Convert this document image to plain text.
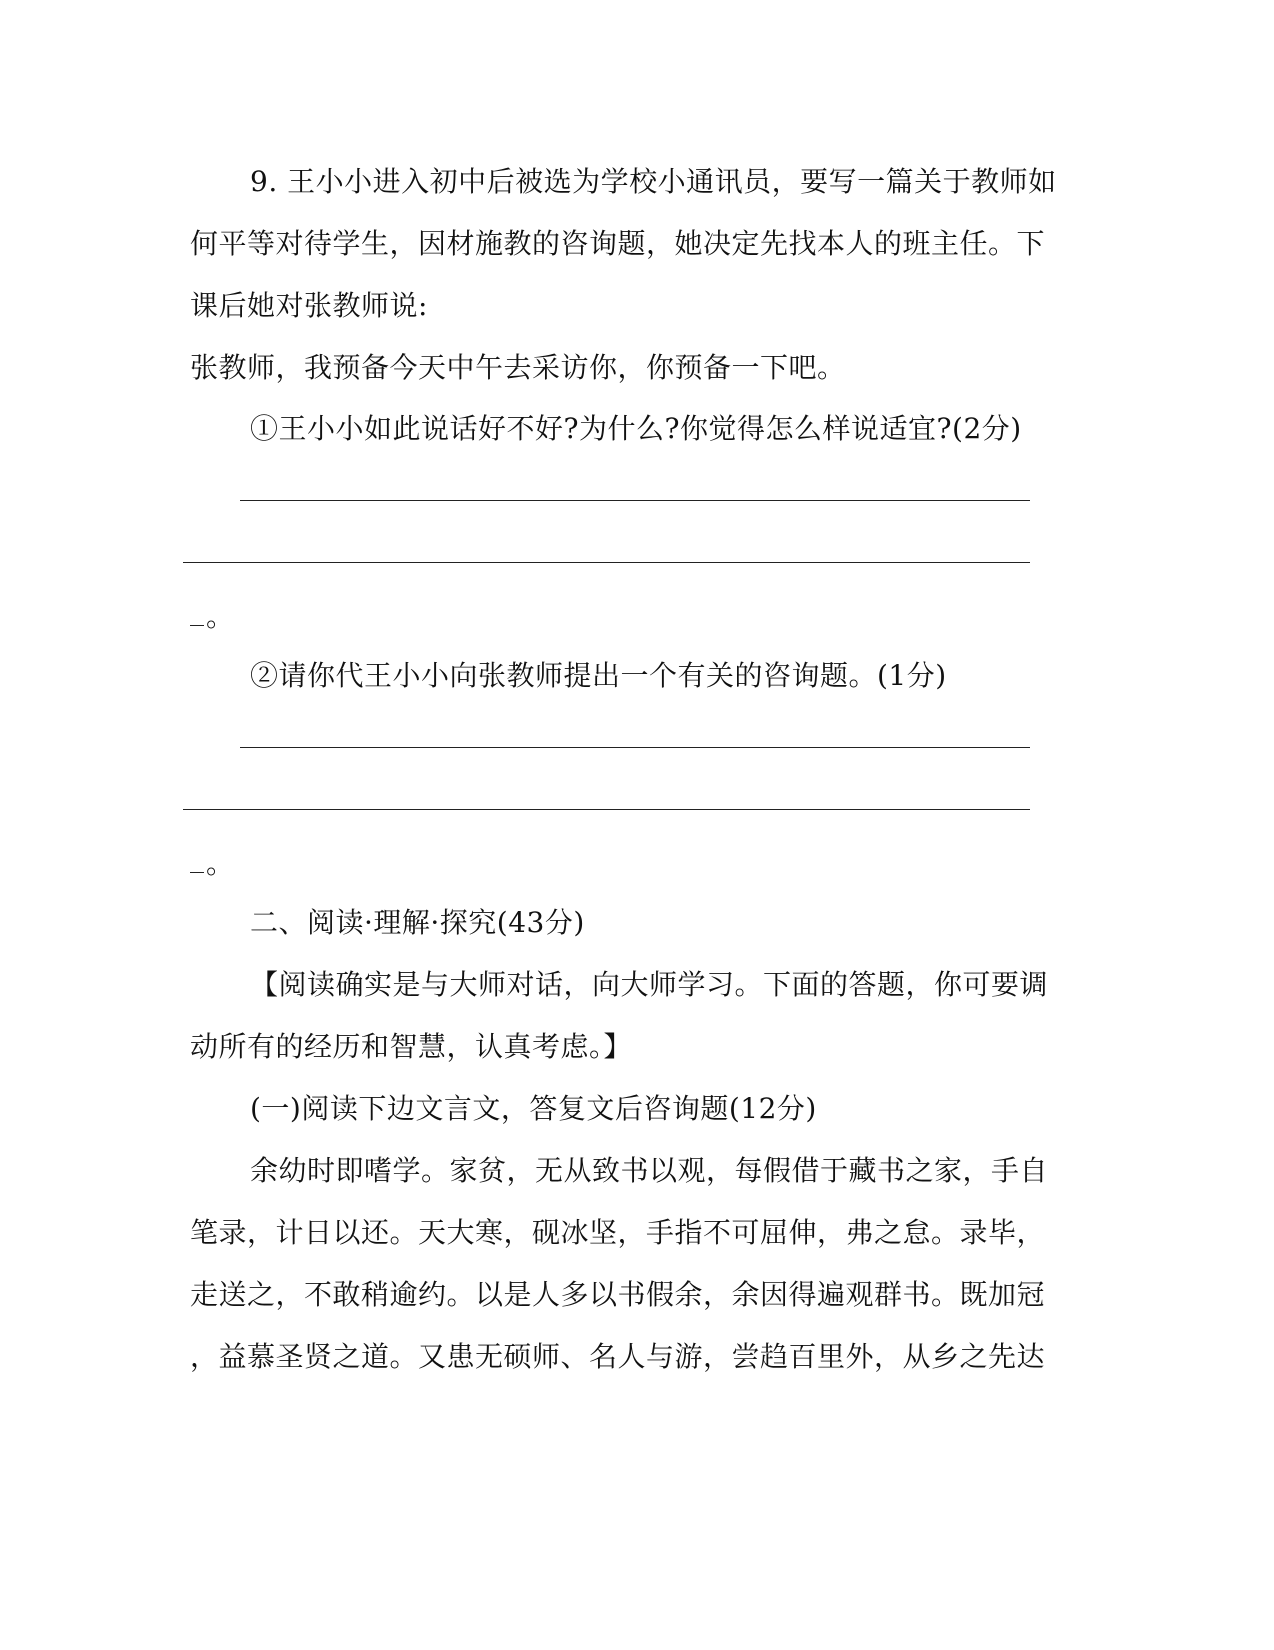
9. 王小小进入初中后被选为学校小通讯员，要写一篇关于教师如
何平等对待学生，因材施教的咨询题，她决定先找本人的班主任。下
课后她对张教师说:
张教师，我预备今天中午去采访你，你预备一下吧。
①王小小如此说话好不好?为什么?你觉得怎么样说适宜?(2分)
。
②请你代王小小向张教师提出一个有关的咨询题。(1分)
。
二、阅读·理解·探究(43分)
【阅读确实是与大师对话，向大师学习。下面的答题，你可要调
动所有的经历和智慧，认真考虑。】
(一)阅读下边文言文，答复文后咨询题(12分)
余幼时即嗜学。家贫，无从致书以观，每假借于藏书之家，手自
笔录，计日以还。天大寒，砚冰坚，手指不可屈伸，弗之怠。录毕，
走送之，不敢稍逾约。以是人多以书假余，余因得遍观群书。既加冠
，益慕圣贤之道。又患无硕师、名人与游，尝趋百里外，从乡之先达
